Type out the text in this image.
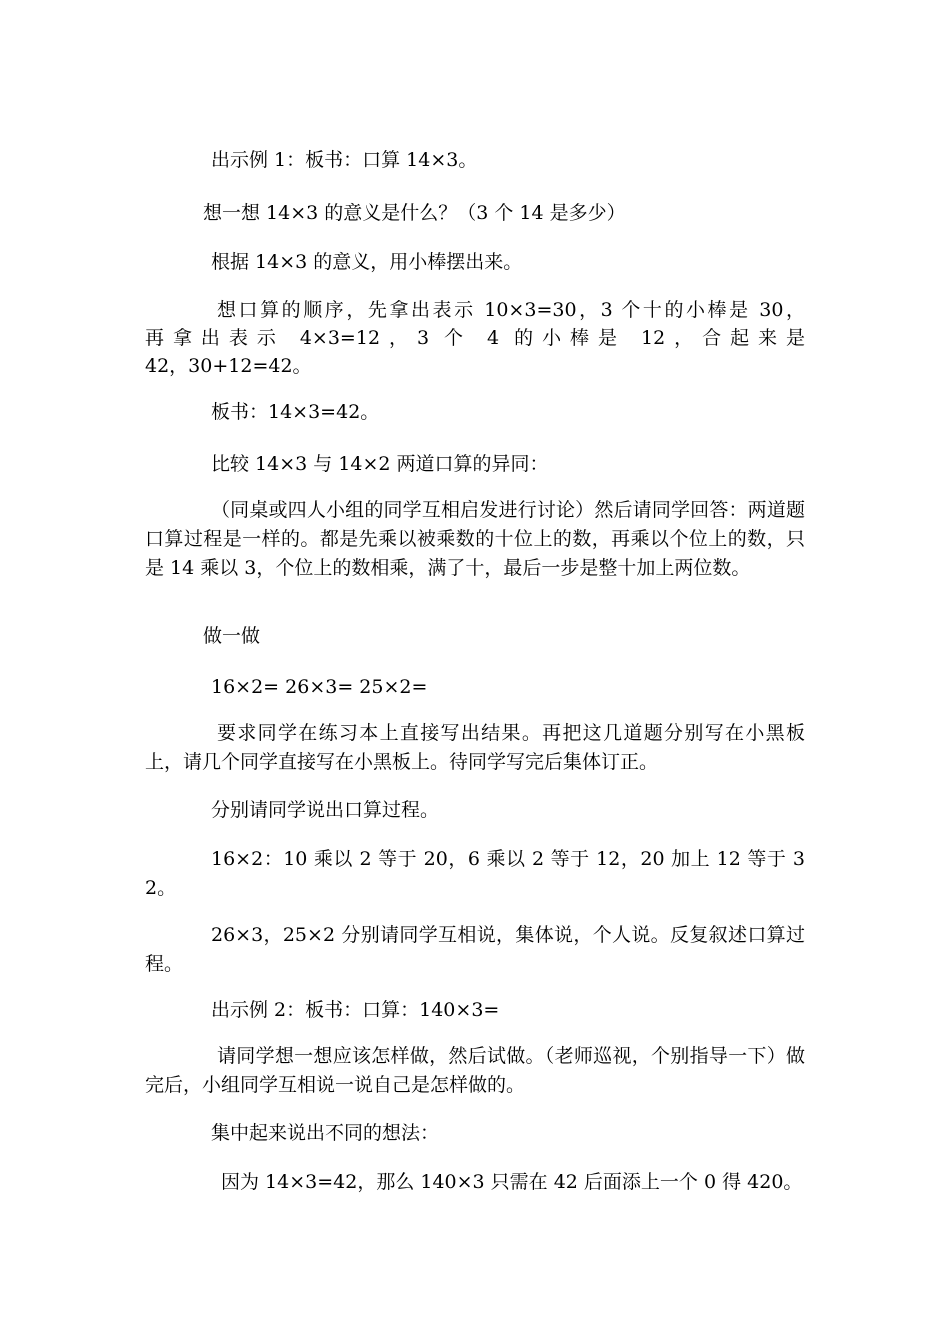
出示例 1：板书：口算 14×3。

想一想 14×3 的意义是什么？（3 个 14 是多少）

根据 14×3 的意义，用小棒摆出来。

想口算的顺序，先拿出表示 10×3=30，3 个十的小棒是 30，

再拿出表示 4×3=12，3 个 4 的小棒是 12，合起来是

42，30+12=42。

板书：14×3=42。

比较 14×3 与 14×2 两道口算的异同：

（同桌或四人小组的同学互相启发进行讨论）然后请同学回答：两道题口算过程是一样的。都是先乘以被乘数的十位上的数，再乘以个位上的数，只是 14 乘以 3，个位上的数相乘，满了十，最后一步是整十加上两位数。

做一做

16×2= 26×3= 25×2=

要求同学在练习本上直接写出结果。再把这几道题分别写在小黑板上，请几个同学直接写在小黑板上。待同学写完后集体订正。

分别请同学说出口算过程。

16×2：10 乘以 2 等于 20，6 乘以 2 等于 12，20 加上 12 等于 32。

26×3，25×2 分别请同学互相说，集体说，个人说。反复叙述口算过程。

出示例 2：板书：口算：140×3=

请同学想一想应该怎样做，然后试做。（老师巡视，个别指导一下）做完后，小组同学互相说一说自己是怎样做的。

集中起来说出不同的想法：

因为 14×3=42，那么 140×3 只需在 42 后面添上一个 0 得 420。
